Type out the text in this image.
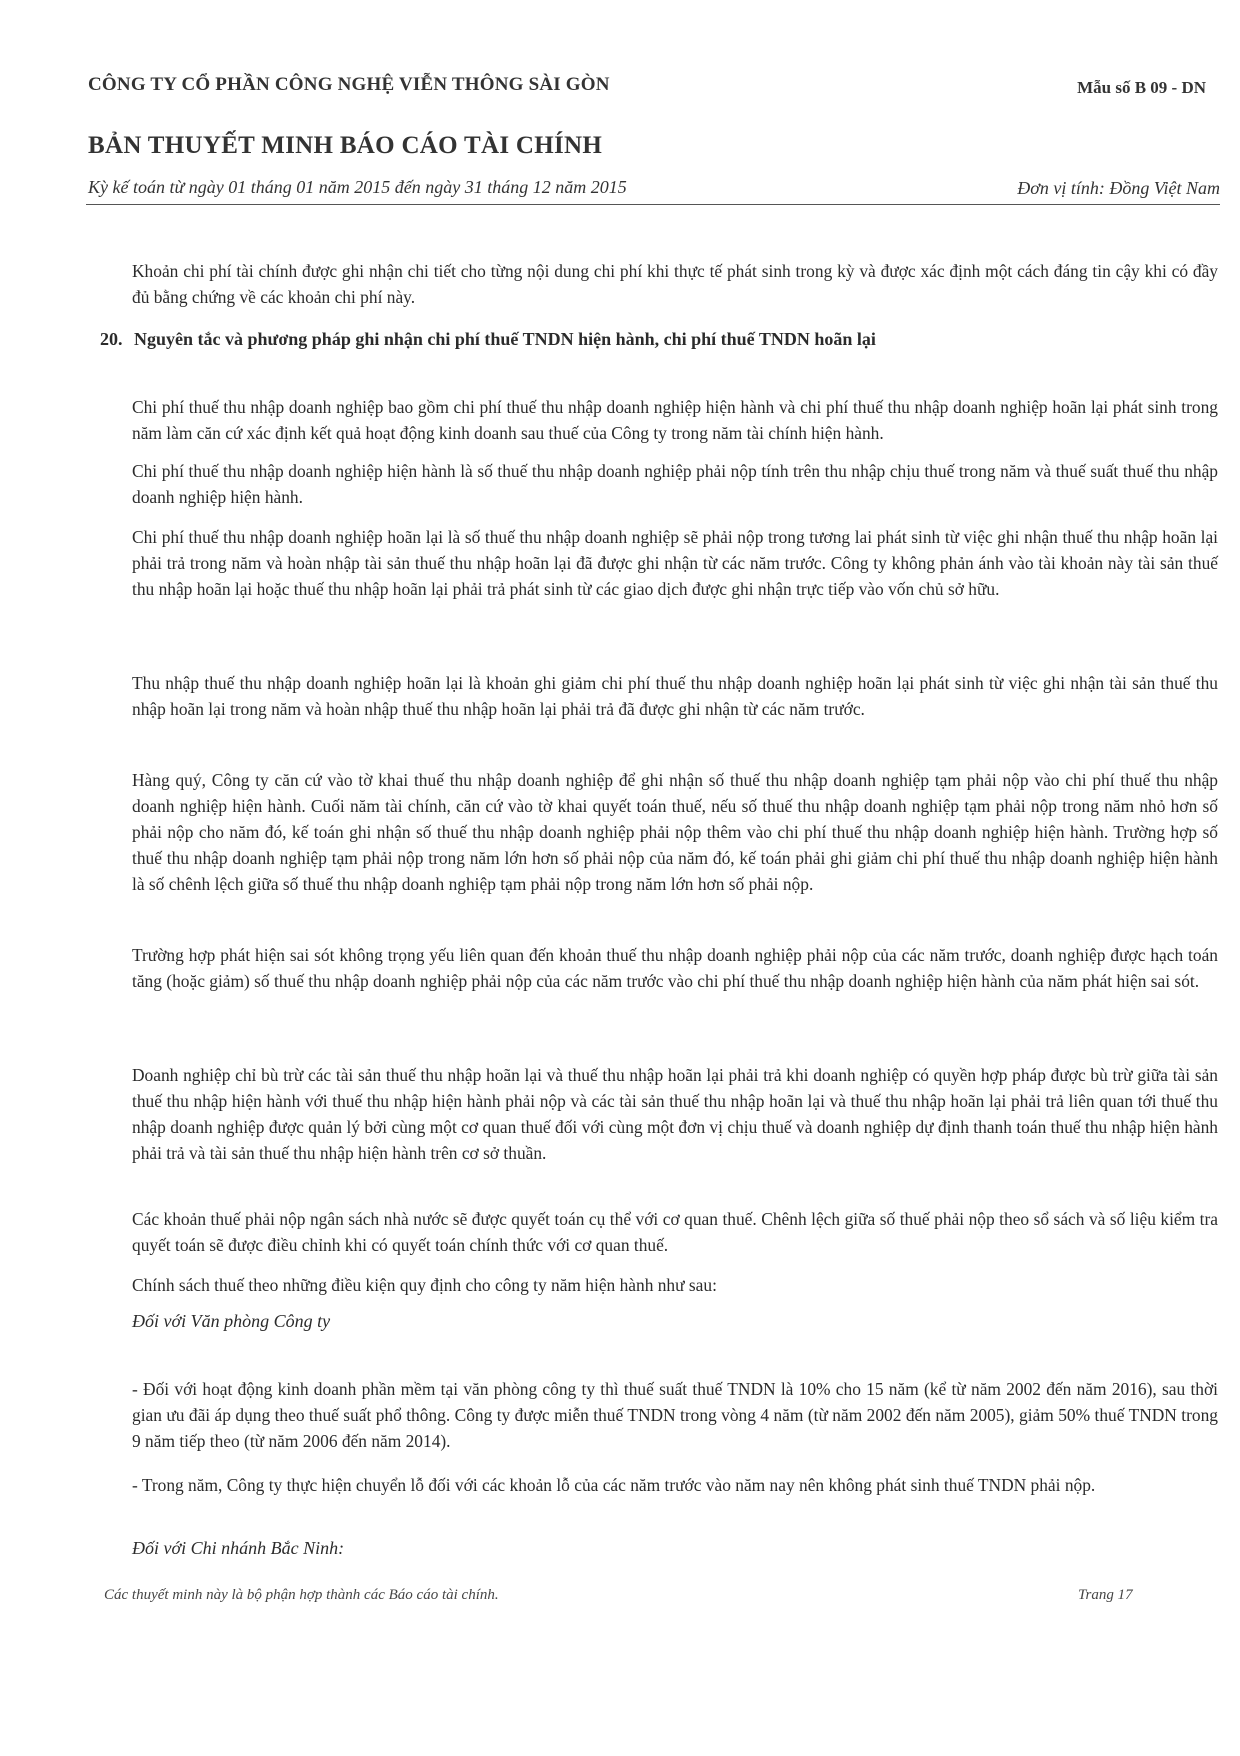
CÔNG TY CỔ PHẦN CÔNG NGHỆ VIỄN THÔNG SÀI GÒN	Mẫu số B 09 - DN
BẢN THUYẾT MINH BÁO CÁO TÀI CHÍNH
Kỳ kế toán từ ngày 01 tháng 01 năm 2015 đến ngày 31 tháng 12 năm 2015	Đơn vị tính: Đồng Việt Nam

Khoản chi phí tài chính được ghi nhận chi tiết cho từng nội dung chi phí khi thực tế phát sinh trong kỳ và được xác định một cách đáng tin cậy khi có đầy đủ bằng chứng về các khoản chi phí này.

20. Nguyên tắc và phương pháp ghi nhận chi phí thuế TNDN hiện hành, chi phí thuế TNDN hoãn lại

Chi phí thuế thu nhập doanh nghiệp bao gồm chi phí thuế thu nhập doanh nghiệp hiện hành và chi phí thuế thu nhập doanh nghiệp hoãn lại phát sinh trong năm làm căn cứ xác định kết quả hoạt động kinh doanh sau thuế của Công ty trong năm tài chính hiện hành.

Chi phí thuế thu nhập doanh nghiệp hiện hành là số thuế thu nhập doanh nghiệp phải nộp tính trên thu nhập chịu thuế trong năm và thuế suất thuế thu nhập doanh nghiệp hiện hành.

Chi phí thuế thu nhập doanh nghiệp hoãn lại là số thuế thu nhập doanh nghiệp sẽ phải nộp trong tương lai phát sinh từ việc ghi nhận thuế thu nhập hoãn lại phải trả trong năm và hoàn nhập tài sản thuế thu nhập hoãn lại đã được ghi nhận từ các năm trước. Công ty không phản ánh vào tài khoản này tài sản thuế thu nhập hoãn lại hoặc thuế thu nhập hoãn lại phải trả phát sinh từ các giao dịch được ghi nhận trực tiếp vào vốn chủ sở hữu.

Thu nhập thuế thu nhập doanh nghiệp hoãn lại là khoản ghi giảm chi phí thuế thu nhập doanh nghiệp hoãn lại phát sinh từ việc ghi nhận tài sản thuế thu nhập hoãn lại trong năm và hoàn nhập thuế thu nhập hoãn lại phải trả đã được ghi nhận từ các năm trước.

Hàng quý, Công ty căn cứ vào tờ khai thuế thu nhập doanh nghiệp để ghi nhận số thuế thu nhập doanh nghiệp tạm phải nộp vào chi phí thuế thu nhập doanh nghiệp hiện hành. Cuối năm tài chính, căn cứ vào tờ khai quyết toán thuế, nếu số thuế thu nhập doanh nghiệp tạm phải nộp trong năm nhỏ hơn số phải nộp cho năm đó, kế toán ghi nhận số thuế thu nhập doanh nghiệp phải nộp thêm vào chi phí thuế thu nhập doanh nghiệp hiện hành. Trường hợp số thuế thu nhập doanh nghiệp tạm phải nộp trong năm lớn hơn số phải nộp của năm đó, kế toán phải ghi giảm chi phí thuế thu nhập doanh nghiệp hiện hành là số chênh lệch giữa số thuế thu nhập doanh nghiệp tạm phải nộp trong năm lớn hơn số phải nộp.

Trường hợp phát hiện sai sót không trọng yếu liên quan đến khoản thuế thu nhập doanh nghiệp phải nộp của các năm trước, doanh nghiệp được hạch toán tăng (hoặc giảm) số thuế thu nhập doanh nghiệp phải nộp của các năm trước vào chi phí thuế thu nhập doanh nghiệp hiện hành của năm phát hiện sai sót.

Doanh nghiệp chỉ bù trừ các tài sản thuế thu nhập hoãn lại và thuế thu nhập hoãn lại phải trả khi doanh nghiệp có quyền hợp pháp được bù trừ giữa tài sản thuế thu nhập hiện hành với thuế thu nhập hiện hành phải nộp và các tài sản thuế thu nhập hoãn lại và thuế thu nhập hoãn lại phải trả liên quan tới thuế thu nhập doanh nghiệp được quản lý bởi cùng một cơ quan thuế đối với cùng một đơn vị chịu thuế và doanh nghiệp dự định thanh toán thuế thu nhập hiện hành phải trả và tài sản thuế thu nhập hiện hành trên cơ sở thuần.

Các khoản thuế phải nộp ngân sách nhà nước sẽ được quyết toán cụ thể với cơ quan thuế. Chênh lệch giữa số thuế phải nộp theo sổ sách và số liệu kiểm tra quyết toán sẽ được điều chỉnh khi có quyết toán chính thức với cơ quan thuế.

Chính sách thuế theo những điều kiện quy định cho công ty năm hiện hành như sau:

Đối với Văn phòng Công ty

- Đối với hoạt động kinh doanh phần mềm tại văn phòng công ty thì thuế suất thuế TNDN là 10% cho 15 năm (kể từ năm 2002 đến năm 2016), sau thời gian ưu đãi áp dụng theo thuế suất phổ thông. Công ty được miễn thuế TNDN trong vòng 4 năm (từ năm 2002 đến năm 2005), giảm 50% thuế TNDN trong 9 năm tiếp theo (từ năm 2006 đến năm 2014).

- Trong năm, Công ty thực hiện chuyển lỗ đối với các khoản lỗ của các năm trước vào năm nay nên không phát sinh thuế TNDN phải nộp.

Đối với Chi nhánh Bắc Ninh:

Các thuyết minh này là bộ phận hợp thành các Báo cáo tài chính.	Trang 17
